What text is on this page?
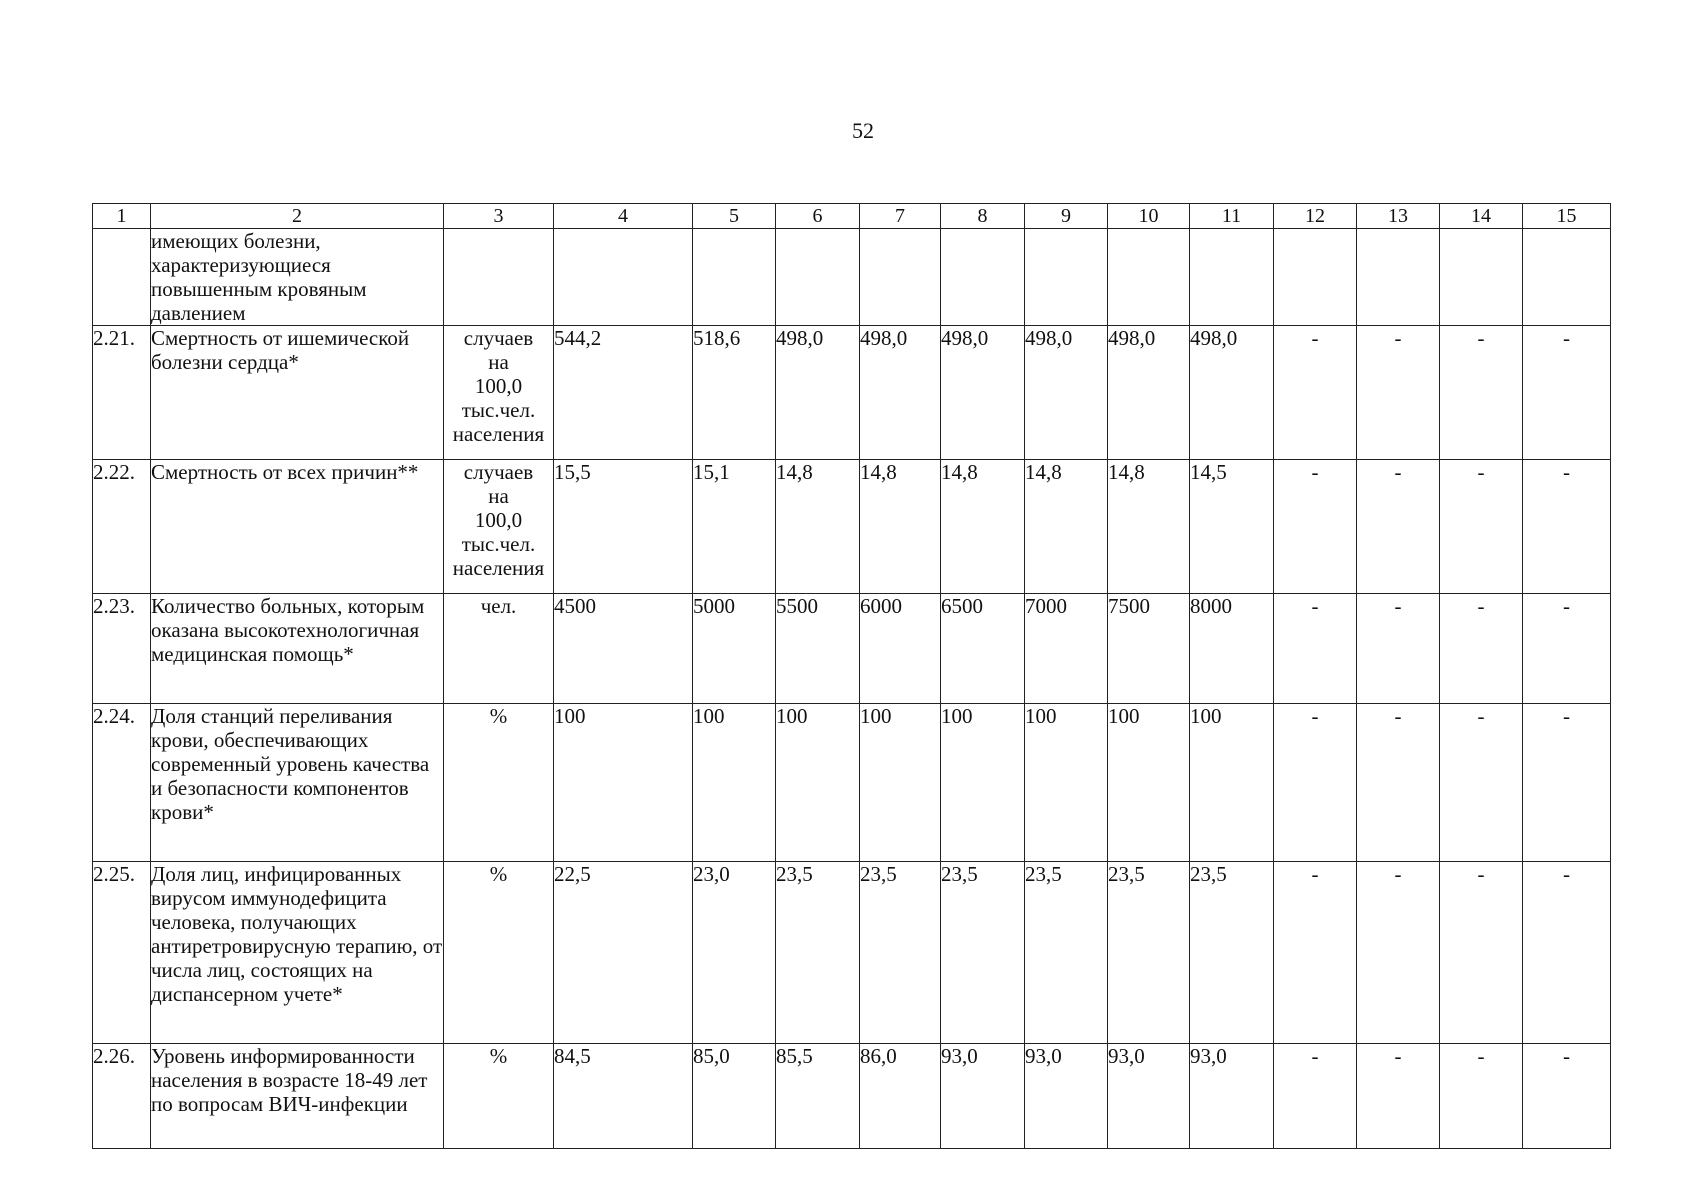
52
1	2	3	4	5	6	7	8	9	10	11	12	13	14	15
	имеющих болезни, характеризующиеся повышенным кровяным давлением													
2.21.	Смертность от ишемической болезни сердца*	случаев
на
100,0
тыс.чел.
населения	544,2	518,6	498,0	498,0	498,0	498,0	498,0	498,0	-	-	-	-
2.22.	Смертность от всех причин**	случаев
на
100,0
тыс.чел.
населения	15,5	15,1	14,8	14,8	14,8	14,8	14,8	14,5	-	-	-	-
2.23.	Количество больных, которым оказана высокотехнологичная медицинская помощь*	чел.	4500	5000	5500	6000	6500	7000	7500	8000	-	-	-	-
2.24.	Доля станций переливания крови, обеспечивающих современный уровень качества и безопасности компонентов крови*	%	100	100	100	100	100	100	100	100	-	-	-	-
2.25.	Доля лиц, инфицированных вирусом иммунодефицита человека, получающих антиретровирусную терапию, от числа лиц, состоящих на диспансерном учете*	%	22,5	23,0	23,5	23,5	23,5	23,5	23,5	23,5	-	-	-	-
2.26.	Уровень информированности населения в возрасте 18-49 лет по вопросам ВИЧ-инфекции	%	84,5	85,0	85,5	86,0	93,0	93,0	93,0	93,0	-	-	-	-
